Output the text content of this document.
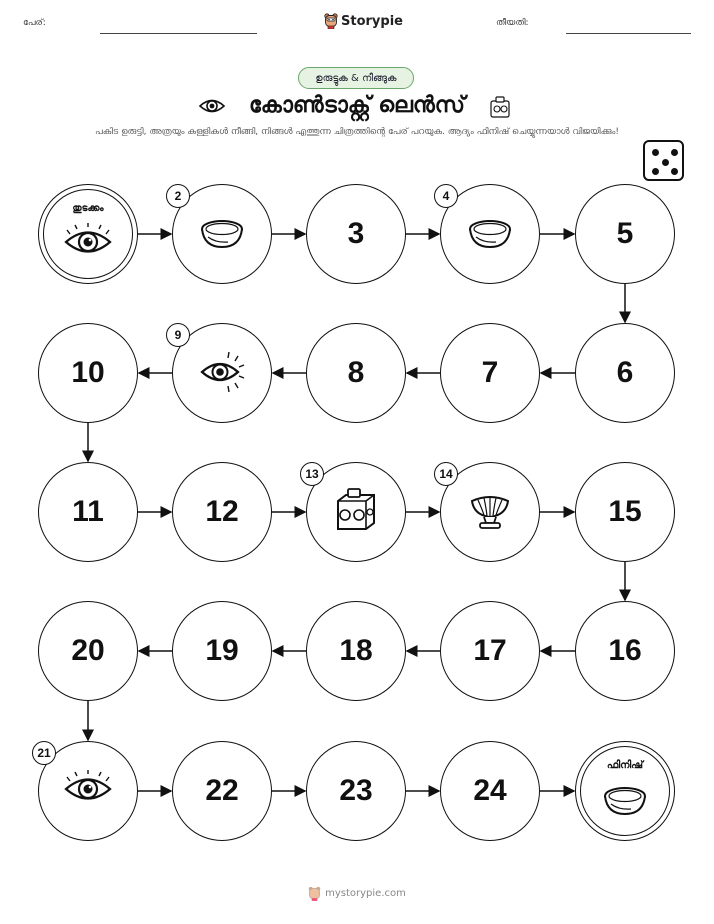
പേര്:	Storypie	തീയതി:
ഉരുട്ടുക & നീങ്ങുക
കോൺടാക്റ്റ് ലെൻസ്
പകിട ഉരുട്ടി, അത്രയും കള്ളികൾ നീങ്ങി, നിങ്ങൾ എത്തുന്ന ചിത്രത്തിന്റെ പേര് പറയുക. ആദ്യം ഫിനിഷ് ചെയ്യുന്നയാൾ വിജയിക്കും!
തുടക്കം
2
3
4
5
6
7
8
9
10
11	12
13	14
15
16
17
18
19
20
21
22	23	24
ഫിനിഷ്
mystorypie.com
